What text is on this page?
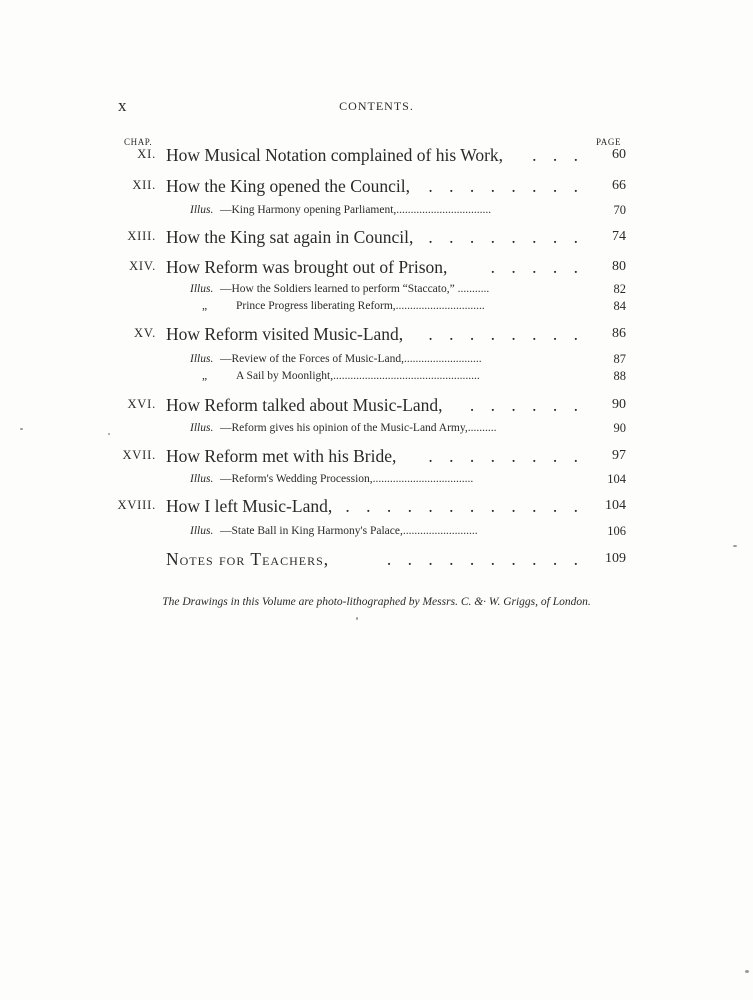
x	CONTENTS.
CHAP.	PAGE
XI. How Musical Notation complained of his Work, . . . 60
XII. How the King opened the Council, . . . . . . . . 66
Illus. —King Harmony opening Parliament,.................................	70
XIII. How the King sat again in Council, . . . . . . . . 74
XIV. How Reform was brought out of Prison, . . . . . 80
Illus. —How the Soldiers learned to perform “Staccato,” ...........	82
„	Prince Progress liberating Reform,...............................	84
XV. How Reform visited Music-Land, . . . . . . . . 86
Illus. —Review of the Forces of Music-Land,...........................	87
„	A Sail by Moonlight,...................................................	88
XVI. How Reform talked about Music-Land, . . . . . . 90
Illus. —Reform gives his opinion of the Music-Land Army,..........	90
XVII. How Reform met with his Bride, . . . . . . . . 97
Illus. —Reform's Wedding Procession,...................................	104
XVIII. How I left Music-Land, . . . . . . . . . . . . 104
Illus. —State Ball in King Harmony's Palace,..........................	106
Notes for Teachers,	. . . . . . . . . . 109
The Drawings in this Volume are photo-lithographed by Messrs. C. &· W. Griggs, of London.
